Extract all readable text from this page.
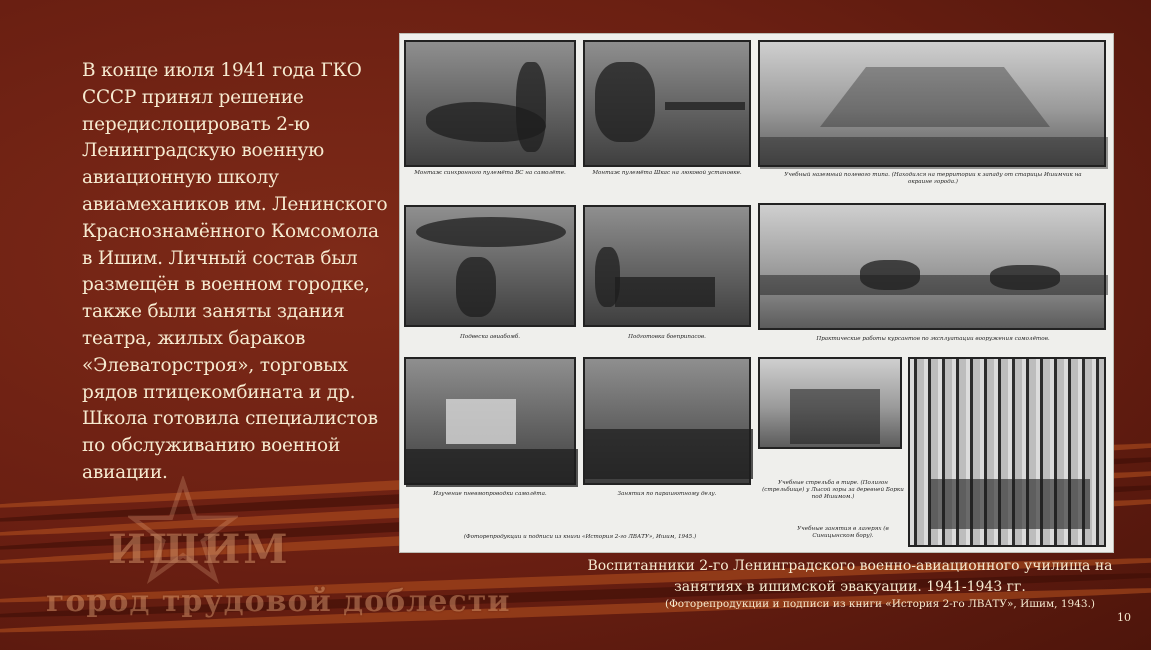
В конце июля 1941 года ГКО СССР принял решение передислоцировать 2-ю Ленинградскую военную авиационную школу авиамехаников им. Ленинского Краснознамённого Комсомола в Ишим. Личный состав был размещён в военном городке, также были заняты здания театра, жилых бараков «Элеваторстроя», торговых рядов птицекомбината и др. Школа готовила специалистов по обслуживанию военной авиации.
ИШИМ
город трудовой доблести
Монтаж синхронного пулемёта ВС на самолёте.	Монтаж пулемёта Шкас на люковой установке.	Учебный наземный полевого типа. (Находился на территории к западу от старицы Ишимчик на окраине города.)
Подвеска авиабомб.	Подготовка боеприпасов.	Практические работы курсантов по эксплуатации вооружения самолётов.
Изучение пневмопроводки самолёта.	Занятия по парашютному делу.
Учебные стрельба в тире. (Полигон (стрельбище) у Лысой горы за деревней Борки под Ишимом.)
Учебные занятия в лагерях (в Синицынском бору).
(Фоторепродукции и подписи из книги «История 2-го ЛВАТУ», Ишим, 1945.)
Воспитанники 2-го Ленинградского военно-авиационного училища на занятиях в ишимской эвакуации. 1941-1943 гг.
(Фоторепродукции и подписи из книги «История 2-го ЛВАТУ», Ишим, 1943.)
10
